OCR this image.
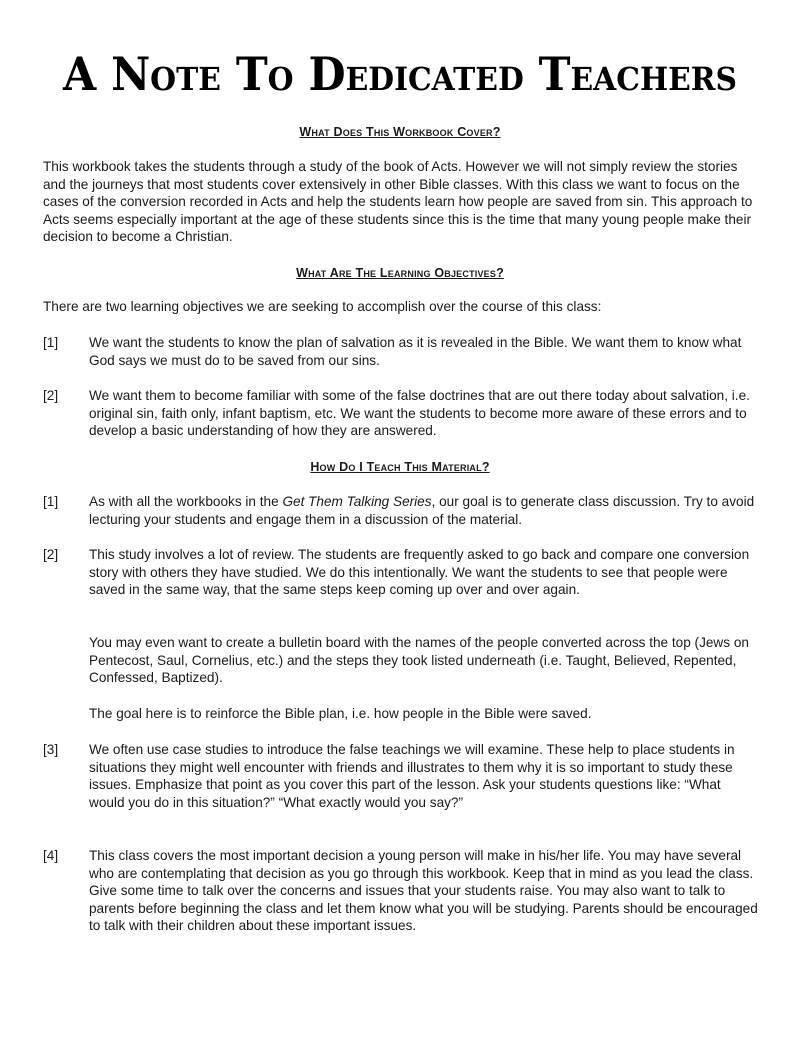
A Note To Dedicated Teachers
What Does This Workbook Cover?

This workbook takes the students through a study of the book of Acts. However we will not simply review the stories and the journeys that most students cover extensively in other Bible classes. With this class we want to focus on the cases of the conversion recorded in Acts and help the students learn how people are saved from sin. This approach to Acts seems especially important at the age of these students since this is the time that many young people make their decision to become a Christian.

What Are The Learning Objectives?

There are two learning objectives we are seeking to accomplish over the course of this class:

[1] We want the students to know the plan of salvation as it is revealed in the Bible. We want them to know what God says we must do to be saved from our sins.

[2] We want them to become familiar with some of the false doctrines that are out there today about salvation, i.e. original sin, faith only, infant baptism, etc. We want the students to become more aware of these errors and to develop a basic understanding of how they are answered.

How Do I Teach This Material?
[1] As with all the workbooks in the Get Them Talking Series, our goal is to generate class discussion. Try to avoid lecturing your students and engage them in a discussion of the material.

[2] This study involves a lot of review. The students are frequently asked to go back and compare one conversion story with others they have studied. We do this intentionally. We want the students to see that people were saved in the same way, that the same steps keep coming up over and over again.

You may even want to create a bulletin board with the names of the people converted across the top (Jews on Pentecost, Saul, Cornelius, etc.) and the steps they took listed underneath (i.e. Taught, Believed, Repented, Confessed, Baptized).

The goal here is to reinforce the Bible plan, i.e. how people in the Bible were saved.

[3] We often use case studies to introduce the false teachings we will examine. These help to place students in situations they might well encounter with friends and illustrates to them why it is so important to study these issues. Emphasize that point as you cover this part of the lesson. Ask your students questions like: “What would you do in this situation?” “What exactly would you say?”

[4] This class covers the most important decision a young person will make in his/her life. You may have several who are contemplating that decision as you go through this workbook. Keep that in mind as you lead the class. Give some time to talk over the concerns and issues that your students raise. You may also want to talk to parents before beginning the class and let them know what you will be studying. Parents should be encouraged to talk with their children about these important issues.
